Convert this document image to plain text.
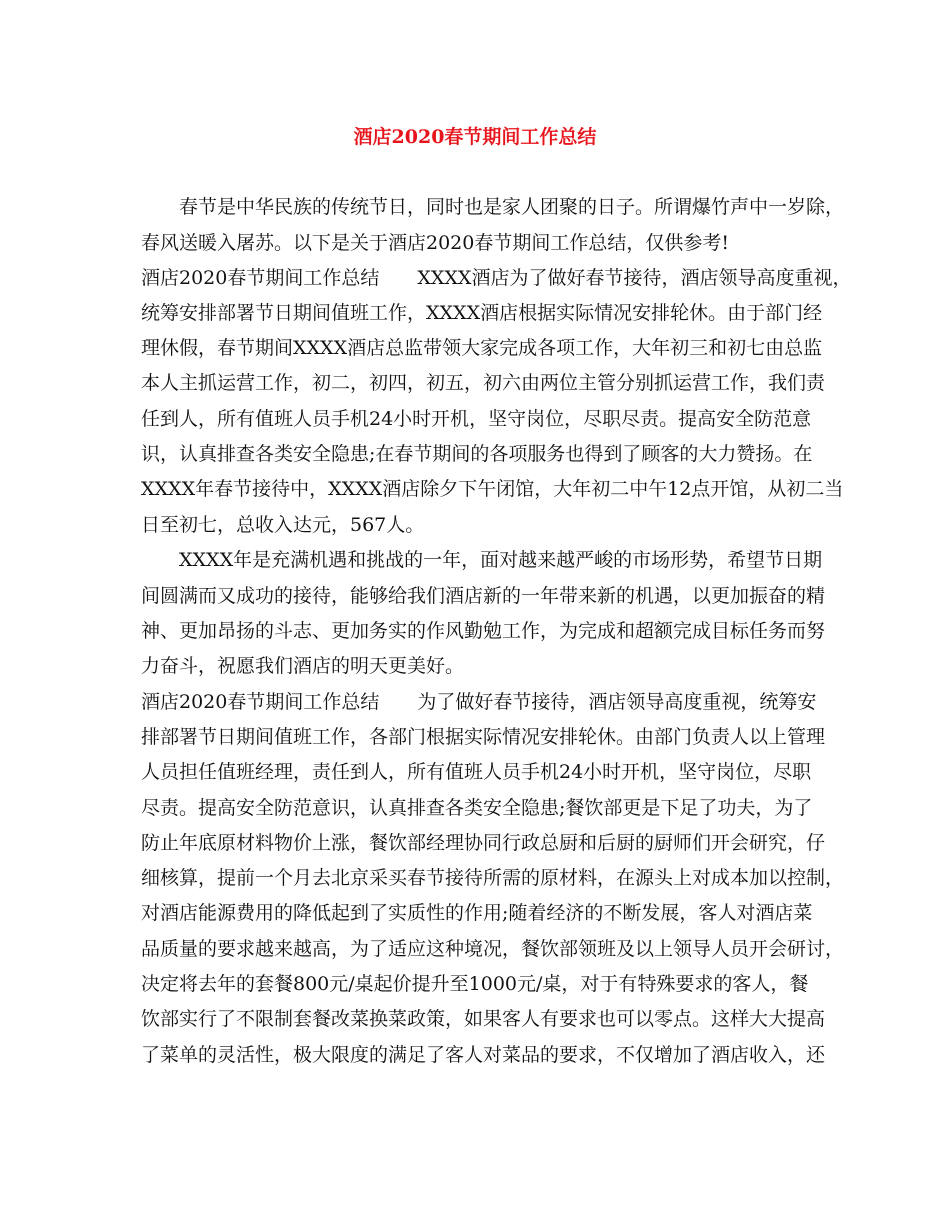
酒店2020春节期间工作总结

春节是中华民族的传统节日，同时也是家人团聚的日子。所谓爆竹声中一岁除，

春风送暖入屠苏。以下是关于酒店2020春节期间工作总结，仅供参考!

酒店2020春节期间工作总结　　XXXX酒店为了做好春节接待，酒店领导高度重视，

统筹安排部署节日期间值班工作，XXXX酒店根据实际情况安排轮休。由于部门经

理休假，春节期间XXXX酒店总监带领大家完成各项工作，大年初三和初七由总监

本人主抓运营工作，初二，初四，初五，初六由两位主管分别抓运营工作，我们责

任到人，所有值班人员手机24小时开机，坚守岗位，尽职尽责。提高安全防范意

识，认真排查各类安全隐患;在春节期间的各项服务也得到了顾客的大力赞扬。在

XXXX年春节接待中，XXXX酒店除夕下午闭馆，大年初二中午12点开馆，从初二当

日至初七，总收入达元，567人。

XXXX年是充满机遇和挑战的一年，面对越来越严峻的市场形势，希望节日期

间圆满而又成功的接待，能够给我们酒店新的一年带来新的机遇，以更加振奋的精

神、更加昂扬的斗志、更加务实的作风勤勉工作，为完成和超额完成目标任务而努

力奋斗，祝愿我们酒店的明天更美好。

酒店2020春节期间工作总结　　为了做好春节接待，酒店领导高度重视，统筹安

排部署节日期间值班工作，各部门根据实际情况安排轮休。由部门负责人以上管理

人员担任值班经理，责任到人，所有值班人员手机24小时开机，坚守岗位，尽职

尽责。提高安全防范意识，认真排查各类安全隐患;餐饮部更是下足了功夫，为了

防止年底原材料物价上涨，餐饮部经理协同行政总厨和后厨的厨师们开会研究，仔

细核算，提前一个月去北京采买春节接待所需的原材料，在源头上对成本加以控制，

对酒店能源费用的降低起到了实质性的作用;随着经济的不断发展，客人对酒店菜

品质量的要求越来越高，为了适应这种境况，餐饮部领班及以上领导人员开会研讨，

决定将去年的套餐800元/桌起价提升至1000元/桌，对于有特殊要求的客人，餐

饮部实行了不限制套餐改菜换菜政策，如果客人有要求也可以零点。这样大大提高

了菜单的灵活性，极大限度的满足了客人对菜品的要求，不仅增加了酒店收入，还
